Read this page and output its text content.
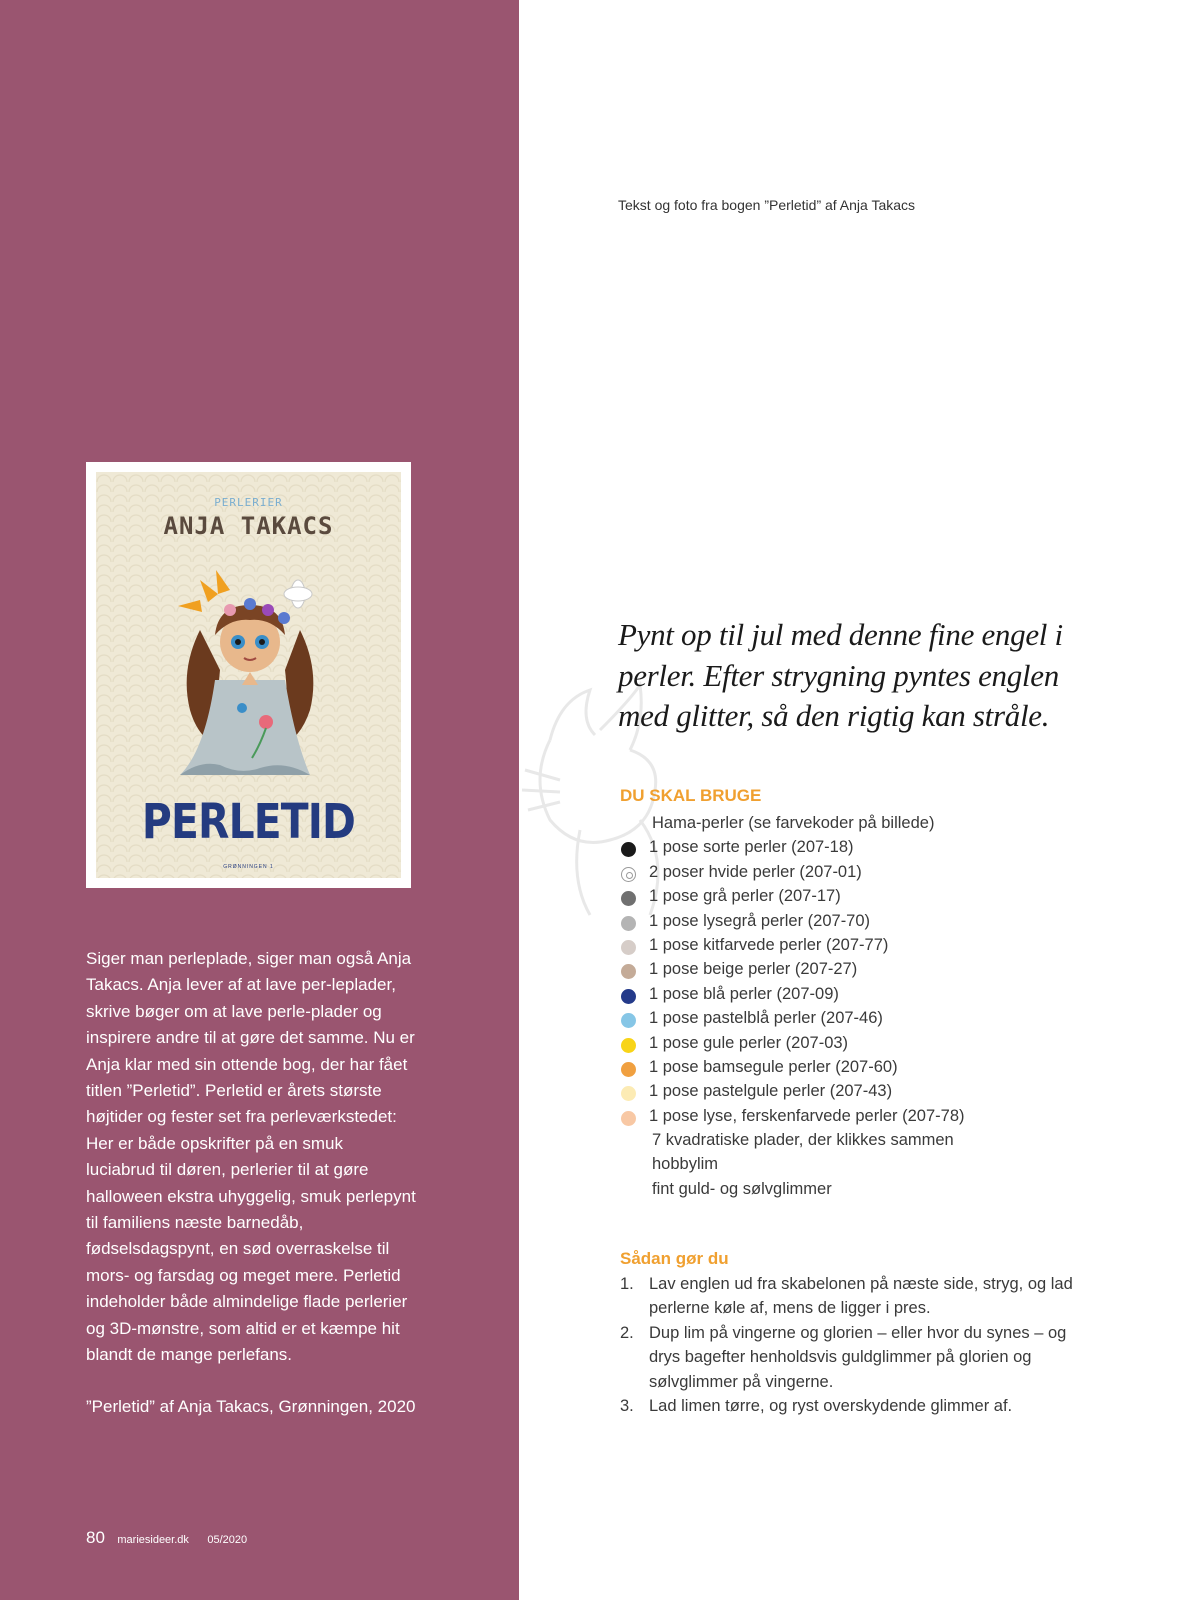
PERLERIER
ANJA TAKACS
PERLETID
GRØNNINGEN 1

Siger man perleplade, siger man også Anja Takacs. Anja lever af at lave per-leplader, skrive bøger om at lave perle-plader og inspirere andre til at gøre det samme. Nu er Anja klar med sin ottende bog, der har fået titlen ”Perletid”. Perletid er årets største højtider og fester set fra perleværkstedet: Her er både opskrifter på en smuk luciabrud til døren, perlerier til at gøre halloween ekstra uhyggelig, smuk perlepynt til familiens næste barnedåb, fødselsdagspynt, en sød overraskelse til mors- og farsdag og meget mere. Perletid indeholder både almindelige flade perlerier og 3D-mønstre, som altid er et kæmpe hit blandt de mange perlefans.

”Perletid” af Anja Takacs, Grønningen, 2020

80 mariesideer.dk 05/2020
Tekst og foto fra bogen ”Perletid” af Anja Takacs

Pynt op til jul med denne fine engel i perler. Efter strygning pyntes englen med glitter, så den rigtig kan stråle.

DU SKAL BRUGE
Hama-perler (se farvekoder på billede)
1 pose sorte perler (207-18)
2 poser hvide perler (207-01)
1 pose grå perler (207-17)
1 pose lysegrå perler (207-70)
1 pose kitfarvede perler (207-77)
1 pose beige perler (207-27)
1 pose blå perler (207-09)
1 pose pastelblå perler (207-46)
1 pose gule perler (207-03)
1 pose bamsegule perler (207-60)
1 pose pastelgule perler (207-43)
1 pose lyse, ferskenfarvede perler (207-78)
7 kvadratiske plader, der klikkes sammen
hobbylim
fint guld- og sølvglimmer
Sådan gør du
1. Lav englen ud fra skabelonen på næste side, stryg, og lad perlerne køle af, mens de ligger i pres.
2. Dup lim på vingerne og glorien – eller hvor du synes – og drys bagefter henholdsvis guldglimmer på glorien og sølvglimmer på vingerne.
3. Lad limen tørre, og ryst overskydende glimmer af.
